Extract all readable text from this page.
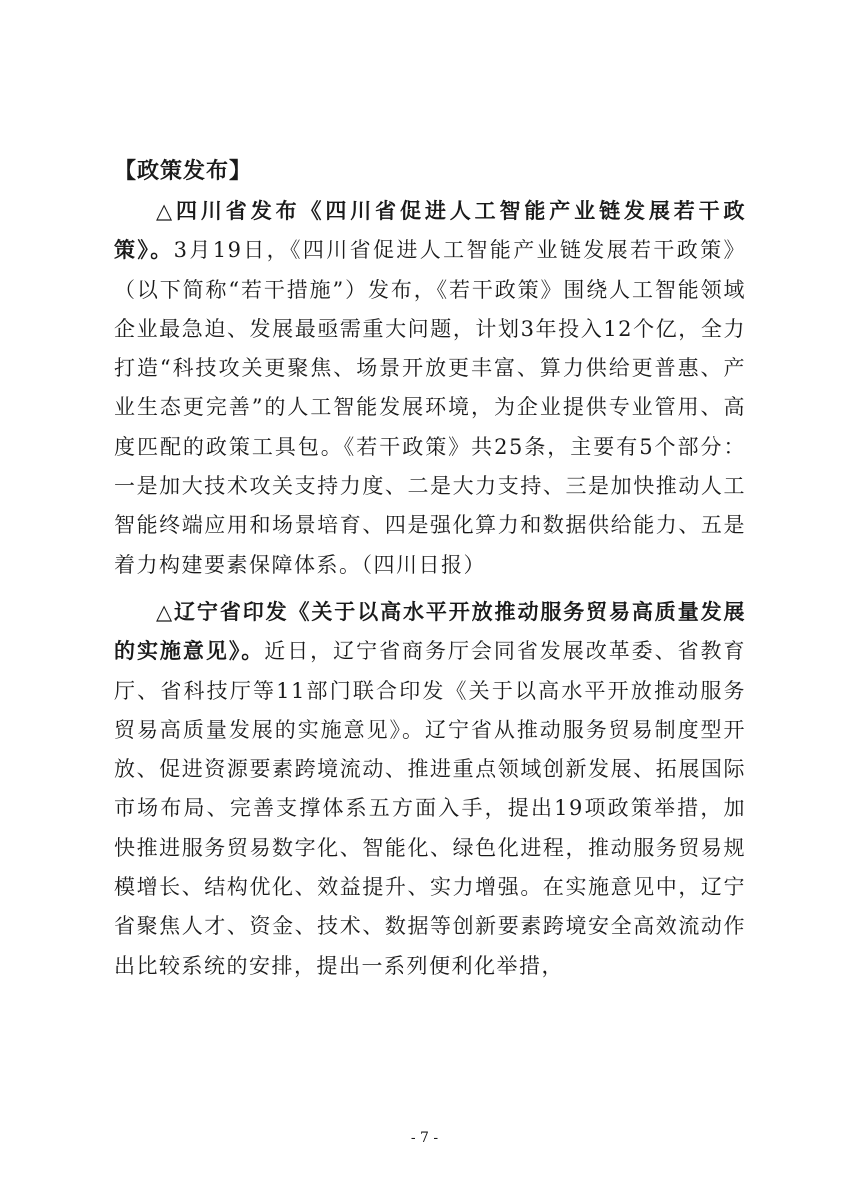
【政策发布】

△四川省发布《四川省促进人工智能产业链发展若干政策》。3月19日，《四川省促进人工智能产业链发展若干政策》（以下简称“若干措施”）发布，《若干政策》围绕人工智能领域企业最急迫、发展最亟需重大问题，计划3年投入12个亿，全力打造“科技攻关更聚焦、场景开放更丰富、算力供给更普惠、产业生态更完善”的人工智能发展环境，为企业提供专业管用、高度匹配的政策工具包。《若干政策》共25条，主要有5个部分：一是加大技术攻关支持力度、二是大力支持、三是加快推动人工智能终端应用和场景培育、四是强化算力和数据供给能力、五是着力构建要素保障体系。（四川日报）

△辽宁省印发《关于以高水平开放推动服务贸易高质量发展的实施意见》。近日，辽宁省商务厅会同省发展改革委、省教育厅、省科技厅等11部门联合印发《关于以高水平开放推动服务贸易高质量发展的实施意见》。辽宁省从推动服务贸易制度型开放、促进资源要素跨境流动、推进重点领域创新发展、拓展国际市场布局、完善支撑体系五方面入手，提出19项政策举措，加快推进服务贸易数字化、智能化、绿色化进程，推动服务贸易规模增长、结构优化、效益提升、实力增强。在实施意见中，辽宁省聚焦人才、资金、技术、数据等创新要素跨境安全高效流动作出比较系统的安排，提出一系列便利化举措，

- 7 -
